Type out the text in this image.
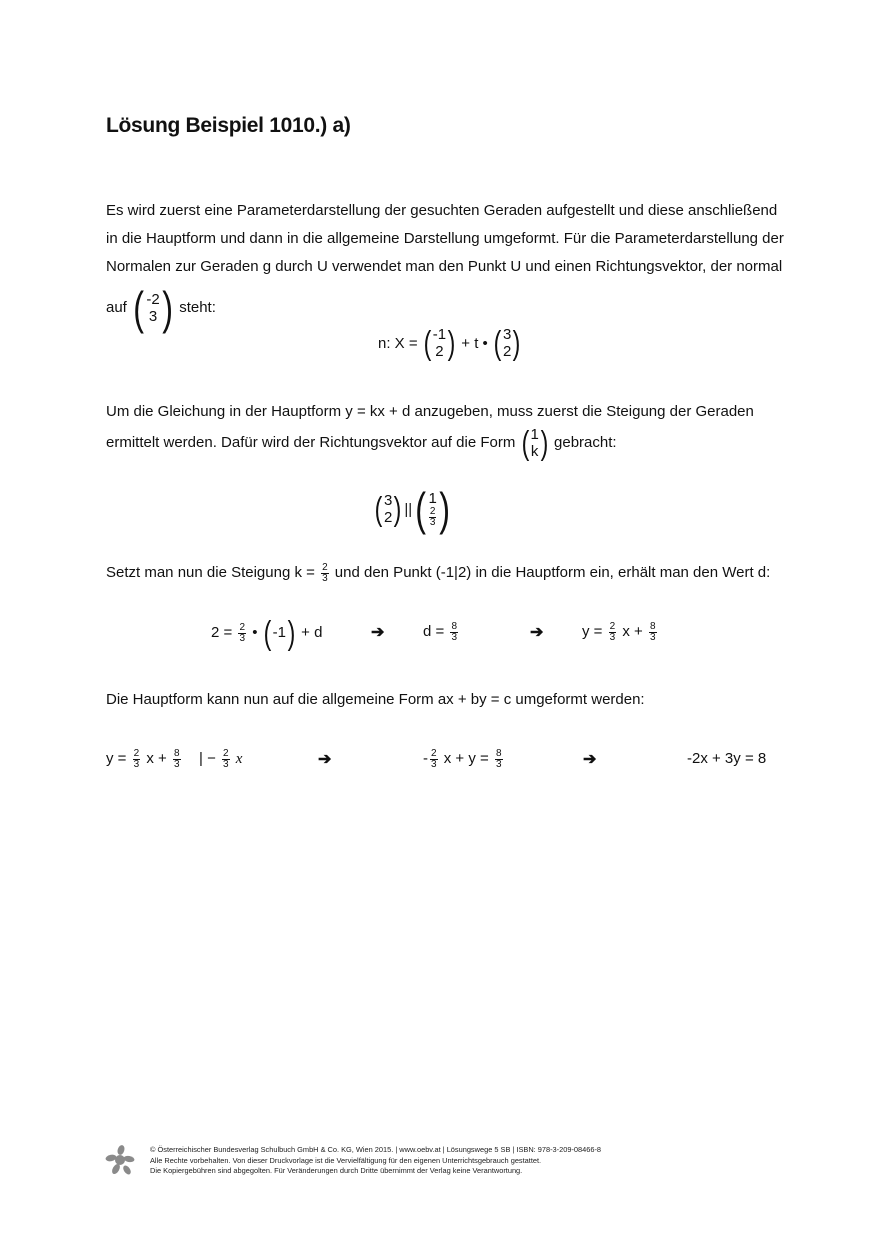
Lösung Beispiel 1010.) a)
Es wird zuerst eine Parameterdarstellung der gesuchten Geraden aufgestellt und diese anschließend
in die Hauptform und dann in die allgemeine Darstellung umgeformt. Für die Parameterdarstellung der
Normalen zur Geraden g durch U verwendet man den Punkt U und einen Richtungsvektor, der normal
auf ( -2
3 ) steht:
n: X =
( -1
2 )
+ t •
( 3
2 )
Um die Gleichung in der Hauptform y = kx + d anzugeben, muss zuerst die Steigung der Geraden
ermittelt werden. Dafür wird der Richtungsvektor auf die Form ( 1
k ) gebracht:
( 3
2 ) || ( 1
$\frac{2}{3}$ )
Setzt man nun die Steigung $k = \frac{2}{3}$ und den Punkt (-1|2) in die Hauptform ein, erhält man den Wert d:
$2 = \frac{2}{3}$ • ( -1 ) + d	➔	$d = \frac{8}{3}$	➔	$y = \frac{2}{3}$ $x + \frac{8}{3}$
Die Hauptform kann nun auf die allgemeine Form ax + by = c umgeformt werden:
$y = \frac{2}{3}$ $x + \frac{8}{3}$ | − $\frac{2}{3}$ x	➔	- $\frac{2}{3}$ $x + y = \frac{8}{3}$	➔	-2x + 3y = 8
© Österreichischer Bundesverlag Schulbuch GmbH & Co. KG, Wien 2015. | www.oebv.at | Lösungswege 5 SB | ISBN: 978-3-209-08466-8
Alle Rechte vorbehalten. Von dieser Druckvorlage ist die Vervielfältigung für den eigenen Unterrichtsgebrauch gestattet.
Die Kopiergebühren sind abgegolten. Für Veränderungen durch Dritte übernimmt der Verlag keine Verantwortung.
